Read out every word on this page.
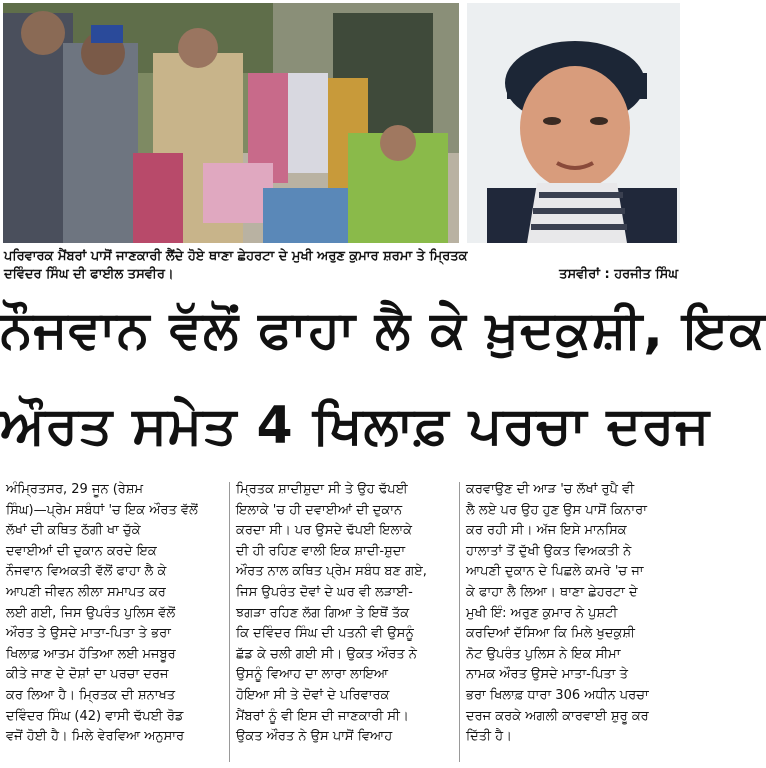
ਪਰਿਵਾਰਕ ਮੈਂਬਰਾਂ ਪਾਸੋਂ ਜਾਣਕਾਰੀ ਲੈਂਦੇ ਹੋਏ ਥਾਣਾ ਛੇਹਰਟਾ ਦੇ ਮੁਖੀ ਅਰੁਣ ਕੁਮਾਰ ਸ਼ਰਮਾ ਤੇ ਮ੍ਰਿਤਕ
ਦਵਿੰਦਰ ਸਿੰਘ ਦੀ ਫਾਈਲ ਤਸਵੀਰ।	ਤਸਵੀਰਾਂ : ਹਰਜੀਤ ਸਿੰਘ
ਨੌਜਵਾਨ ਵੱਲੋਂ ਫਾਹਾ ਲੈ ਕੇ ਖ਼ੁਦਕੁਸ਼ੀ, ਇਕ
ਔਰਤ ਸਮੇਤ 4 ਖਿਲਾਫ਼ ਪਰਚਾ ਦਰਜ
ਅੰਮ੍ਰਿਤਸਰ, 29 ਜੂਨ (ਰੇਸ਼ਮ
ਸਿੰਘ)—ਪ੍ਰੇਮ ਸਬੰਧਾਂ 'ਚ ਇਕ ਔਰਤ ਵੱਲੋਂ
ਲੱਖਾਂ ਦੀ ਕਥਿਤ ਠੱਗੀ ਖਾ ਚੁੱਕੇ
ਦਵਾਈਆਂ ਦੀ ਦੁਕਾਨ ਕਰਦੇ ਇਕ
ਨੌਜਵਾਨ ਵਿਅਕਤੀ ਵੱਲੋਂ ਫਾਹਾ ਲੈ ਕੇ
ਆਪਣੀ ਜੀਵਨ ਲੀਲਾ ਸਮਾਪਤ ਕਰ
ਲਈ ਗਈ, ਜਿਸ ਉਪਰੰਤ ਪੁਲਿਸ ਵੱਲੋਂ
ਔਰਤ ਤੇ ਉਸਦੇ ਮਾਤਾ-ਪਿਤਾ ਤੇ ਭਰਾ
ਖਿਲਾਫ਼ ਆਤਮ ਹੱਤਿਆ ਲਈ ਮਜਬੂਰ
ਕੀਤੇ ਜਾਣ ਦੇ ਦੋਸ਼ਾਂ ਦਾ ਪਰਚਾ ਦਰਜ
ਕਰ ਲਿਆ ਹੈ। ਮ੍ਰਿਤਕ ਦੀ ਸ਼ਨਾਖਤ
ਦਵਿੰਦਰ ਸਿੰਘ (42) ਵਾਸੀ ਢੱਪਈ ਰੋਡ
ਵਜੋਂ ਹੋਈ ਹੈ। ਮਿਲੇ ਵੇਰਵਿਆ ਅਨੁਸਾਰ
ਮ੍ਰਿਤਕ ਸ਼ਾਦੀਸ਼ੁਦਾ ਸੀ ਤੇ ਉਹ ਢੱਪਈ
ਇਲਾਕੇ 'ਚ ਹੀ ਦਵਾਈਆਂ ਦੀ ਦੁਕਾਨ
ਕਰਦਾ ਸੀ। ਪਰ ਉਸਦੇ ਢੱਪਈ ਇਲਾਕੇ
ਦੀ ਹੀ ਰਹਿਣ ਵਾਲੀ ਇਕ ਸ਼ਾਦੀ-ਸ਼ੁਦਾ
ਔਰਤ ਨਾਲ ਕਥਿਤ ਪ੍ਰੇਮ ਸਬੰਧ ਬਣ ਗਏ,
ਜਿਸ ਉਪਰੰਤ ਦੋਵਾਂ ਦੇ ਘਰ ਵੀ ਲੜਾਈ-
ਝਗੜਾ ਰਹਿਣ ਲੱਗ ਗਿਆ ਤੇ ਇਥੋਂ ਤੱਕ
ਕਿ ਦਵਿੰਦਰ ਸਿੰਘ ਦੀ ਪਤਨੀ ਵੀ ਉਸਨੂੰ
ਛੱਡ ਕੇ ਚਲੀ ਗਈ ਸੀ। ਉਕਤ ਔਰਤ ਨੇ
ਉਸਨੂੰ ਵਿਆਹ ਦਾ ਲਾਰਾ ਲਾਇਆ
ਹੋਇਆ ਸੀ ਤੇ ਦੋਵਾਂ ਦੇ ਪਰਿਵਾਰਕ
ਮੈਂਬਰਾਂ ਨੂੰ ਵੀ ਇਸ ਦੀ ਜਾਣਕਾਰੀ ਸੀ।
ਉਕਤ ਔਰਤ ਨੇ ਉਸ ਪਾਸੋਂ ਵਿਆਹ
ਕਰਵਾਉਣ ਦੀ ਆੜ 'ਚ ਲੱਖਾਂ ਰੁਪੈ ਵੀ
ਲੈ ਲਏ ਪਰ ਉਹ ਹੁਣ ਉਸ ਪਾਸੋਂ ਕਿਨਾਰਾ
ਕਰ ਰਹੀ ਸੀ। ਅੱਜ ਇਸੇ ਮਾਨਸਿਕ
ਹਾਲਾਤਾਂ ਤੋਂ ਦੁੱਖੀ ਉਕਤ ਵਿਅਕਤੀ ਨੇ
ਆਪਣੀ ਦੁਕਾਨ ਦੇ ਪਿਛਲੇ ਕਮਰੇ 'ਚ ਜਾ
ਕੇ ਫਾਹਾ ਲੈ ਲਿਆ। ਥਾਣਾ ਛੇਹਰਟਾ ਦੇ
ਮੁਖੀ ਇੰ: ਅਰੁਣ ਕੁਮਾਰ ਨੇ ਪੁਸ਼ਟੀ
ਕਰਦਿਆਂ ਦੱਸਿਆ ਕਿ ਮਿਲੇ ਖੁਦਕੁਸ਼ੀ
ਨੋਟ ਉਪਰੰਤ ਪੁਲਿਸ ਨੇ ਇਕ ਸੀਮਾ
ਨਾਮਕ ਔਰਤ ਉਸਦੇ ਮਾਤਾ-ਪਿਤਾ ਤੇ
ਭਰਾ ਖਿਲਾਫ਼ ਧਾਰਾ 306 ਅਧੀਨ ਪਰਚਾ
ਦਰਜ ਕਰਕੇ ਅਗਲੀ ਕਾਰਵਾਈ ਸ਼ੁਰੂ ਕਰ
ਦਿੱਤੀ ਹੈ।
